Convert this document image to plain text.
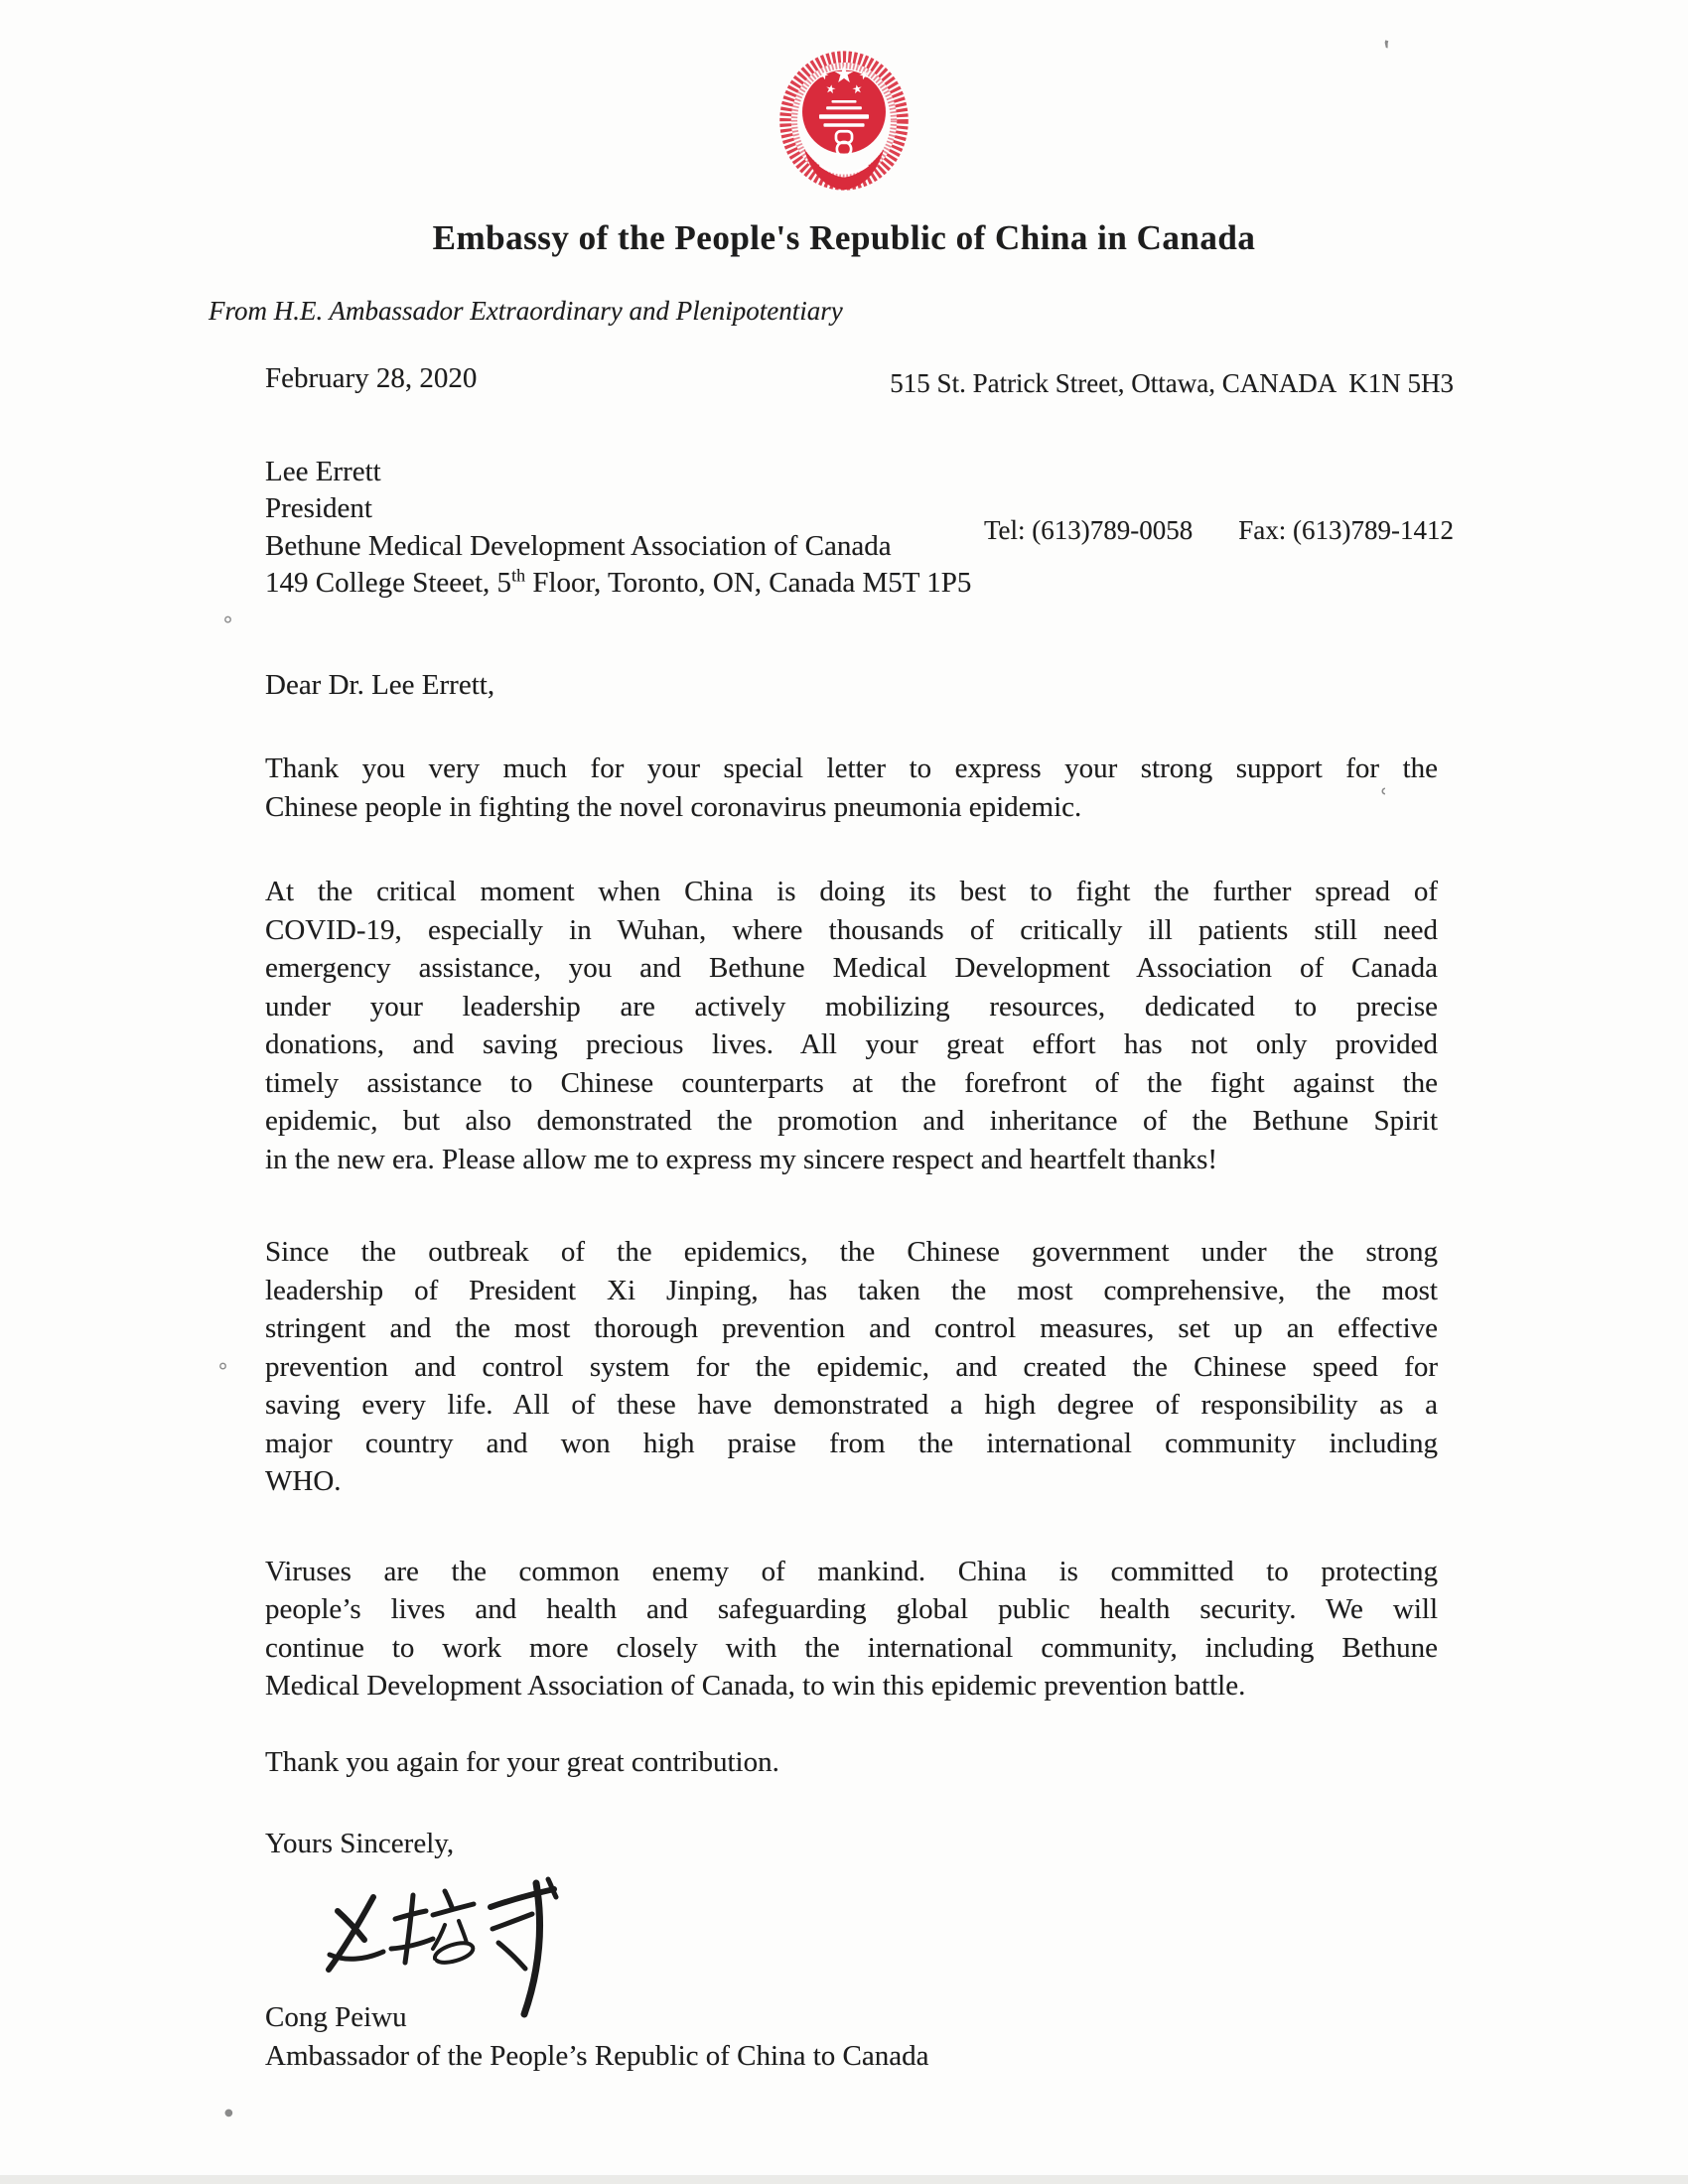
Embassy of the People's Republic of China in Canada
From H.E. Ambassador Extraordinary and Plenipotentiary

515 St. Patrick Street, Ottawa, CANADA  K1N 5H3

Tel: (613)789-0058 Fax: (613)789-1412

February 28, 2020
Lee Errett
President
Bethune Medical Development Association of Canada
149 College Steeet, 5th Floor, Toronto, ON, Canada M5T 1P5
Dear Dr. Lee Errett,
Thank you very much for your special letter to express your strong support for the
Chinese people in fighting the novel coronavirus pneumonia epidemic.
At the critical moment when China is doing its best to fight the further spread of
COVID-19, especially in Wuhan, where thousands of critically ill patients still need
emergency assistance, you and Bethune Medical Development Association of Canada
under your leadership are actively mobilizing resources, dedicated to precise
donations, and saving precious lives. All your great effort has not only provided
timely assistance to Chinese counterparts at the forefront of the fight against the
epidemic, but also demonstrated the promotion and inheritance of the Bethune Spirit
in the new era. Please allow me to express my sincere respect and heartfelt thanks!
Since the outbreak of the epidemics, the Chinese government under the strong
leadership of President Xi Jinping, has taken the most comprehensive, the most
stringent and the most thorough prevention and control measures, set up an effective
prevention and control system for the epidemic, and created the Chinese speed for
saving every life. All of these have demonstrated a high degree of responsibility as a
major country and won high praise from the international community including
WHO.
Viruses are the common enemy of mankind. China is committed to protecting
people’s lives and health and safeguarding global public health security. We will
continue to work more closely with the international community, including Bethune
Medical Development Association of Canada, to win this epidemic prevention battle.
Thank you again for your great contribution.
Yours Sincerely,
Cong Peiwu
Ambassador of the People’s Republic of China to Canada
ʽ
°
ʿ
°
●
